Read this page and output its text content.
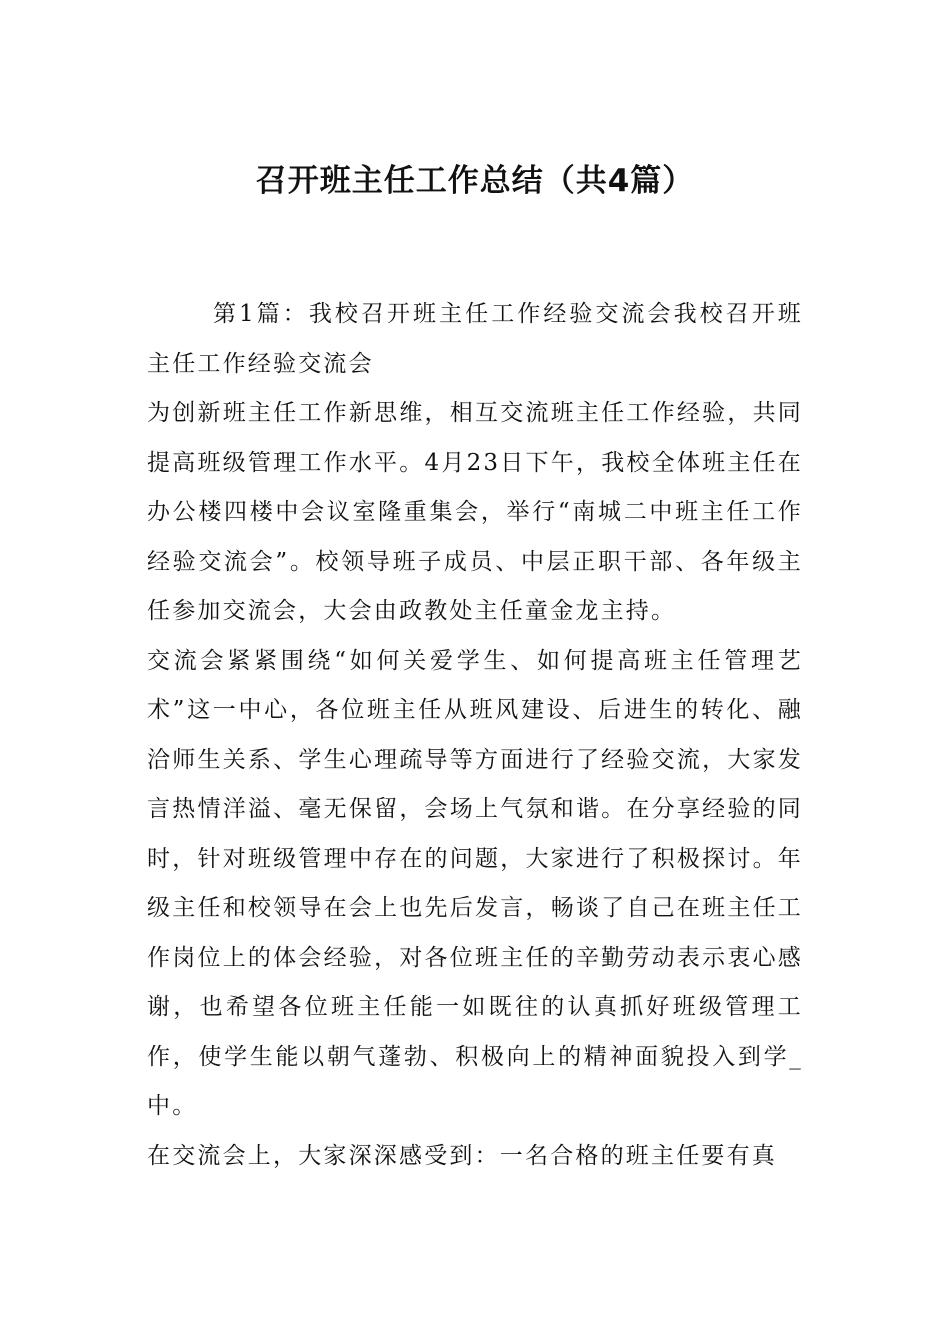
召开班主任工作总结（共4篇）

第1篇：我校召开班主任工作经验交流会我校召开班主任工作经验交流会

为创新班主任工作新思维，相互交流班主任工作经验，共同提高班级管理工作水平。4月23日下午，我校全体班主任在办公楼四楼中会议室隆重集会，举行“南城二中班主任工作经验交流会”。校领导班子成员、中层正职干部、各年级主任参加交流会，大会由政教处主任童金龙主持。

交流会紧紧围绕“如何关爱学生、如何提高班主任管理艺术”这一中心，各位班主任从班风建设、后进生的转化、融洽师生关系、学生心理疏导等方面进行了经验交流，大家发言热情洋溢、毫无保留，会场上气氛和谐。在分享经验的同时，针对班级管理中存在的问题，大家进行了积极探讨。年级主任和校领导在会上也先后发言，畅谈了自己在班主任工作岗位上的体会经验，对各位班主任的辛勤劳动表示衷心感谢，也希望各位班主任能一如既往的认真抓好班级管理工作，使学生能以朝气蓬勃、积极向上的精神面貌投入到学_中。

在交流会上，大家深深感受到：一名合格的班主任要有真
